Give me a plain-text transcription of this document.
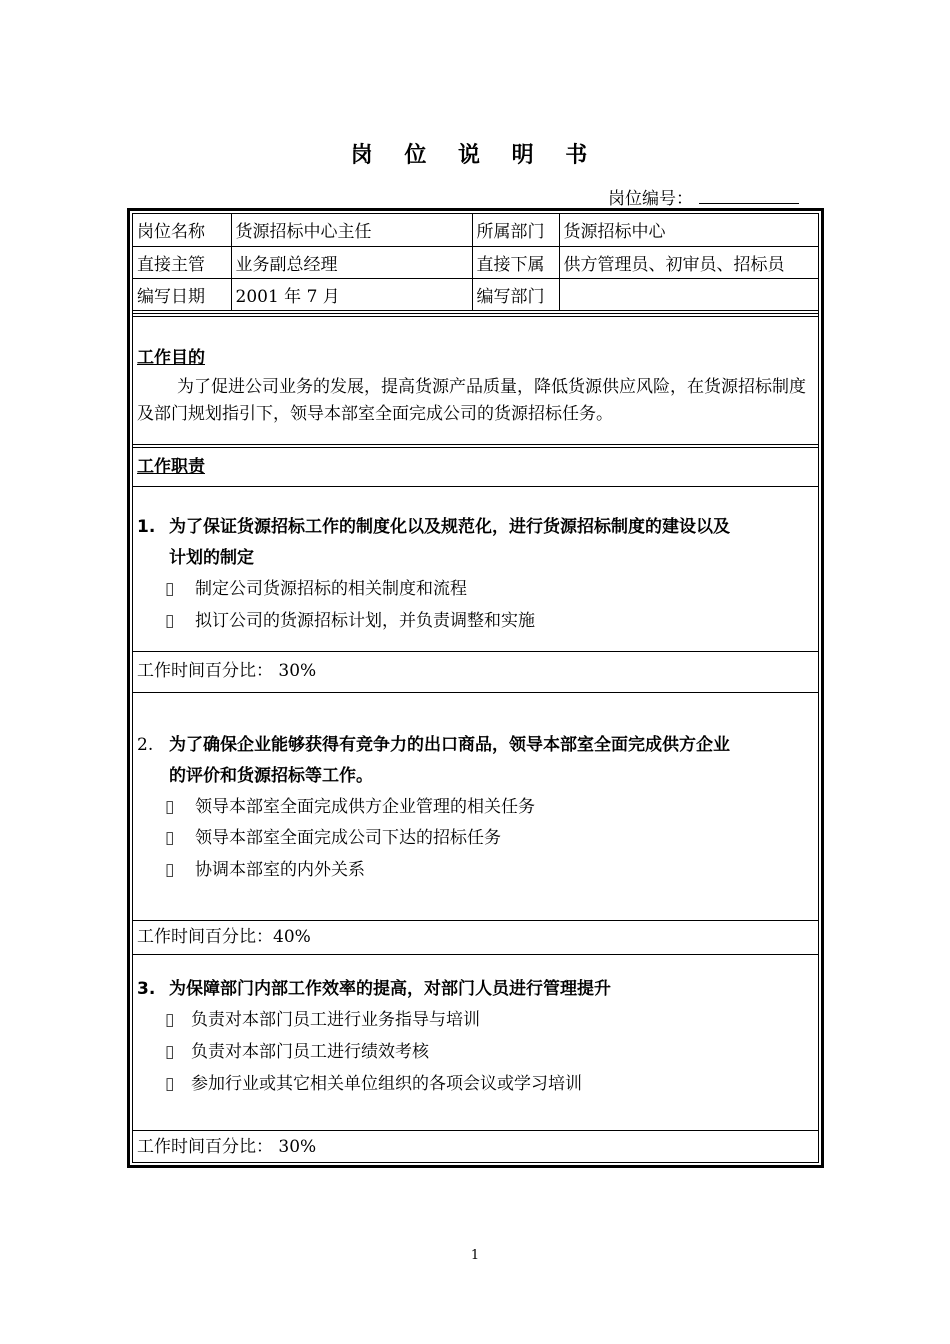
岗 位 说 明 书
岗位编号：
岗位名称	货源招标中心主任	所属部门	货源招标中心
直接主管	业务副总经理	直接下属	供方管理员、初审员、招标员
编写日期	2001 年 7 月	编写部门	
工作目的
为了促进公司业务的发展，提高货源产品质量，降低货源供应风险，在货源招标制度及部门规划指引下，领导本部室全面完成公司的货源招标任务。
工作职责
1. 为了保证货源招标工作的制度化以及规范化，进行货源招标制度的建设以及
计划的制定
▯ 制定公司货源招标的相关制度和流程
▯ 拟订公司的货源招标计划，并负责调整和实施
工作时间百分比： 30%
2. 为了确保企业能够获得有竞争力的出口商品，领导本部室全面完成供方企业
的评价和货源招标等工作。
▯ 领导本部室全面完成供方企业管理的相关任务
▯ 领导本部室全面完成公司下达的招标任务
▯ 协调本部室的内外关系
工作时间百分比：40%
3. 为保障部门内部工作效率的提高，对部门人员进行管理提升
▯ 负责对本部门员工进行业务指导与培训
▯ 负责对本部门员工进行绩效考核
▯ 参加行业或其它相关单位组织的各项会议或学习培训
工作时间百分比： 30%
1
